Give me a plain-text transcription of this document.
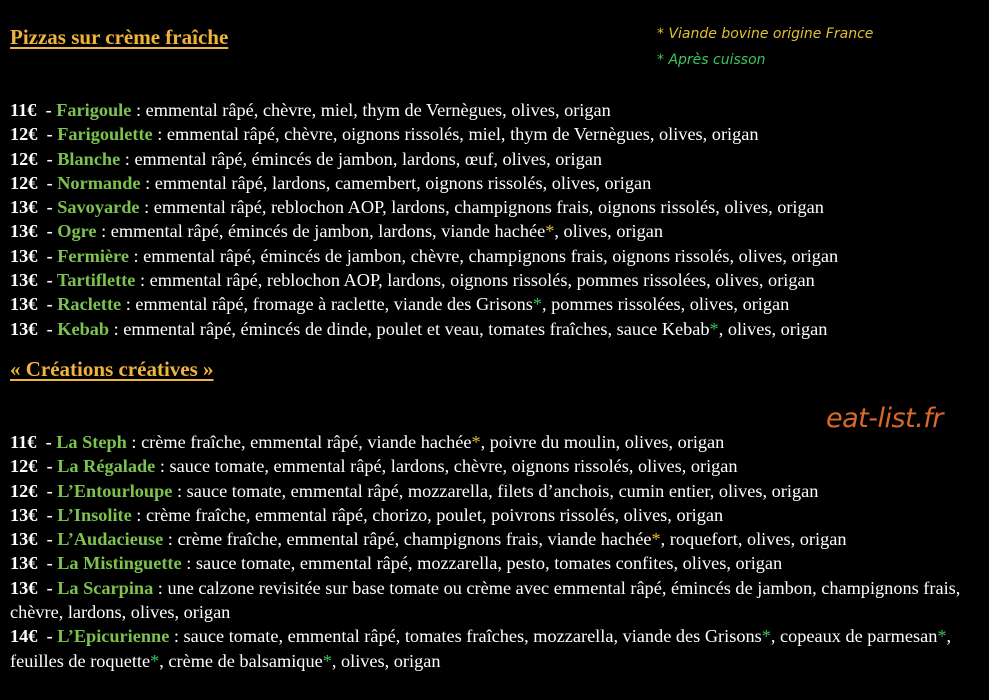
Pizzas sur crème fraîche	* Viande bovine origine France
* Après cuisson
11€  - Farigoule : emmental râpé, chèvre, miel, thym de Vernègues, olives, origan
12€  - Farigoulette : emmental râpé, chèvre, oignons rissolés, miel, thym de Vernègues, olives, origan
12€  - Blanche : emmental râpé, émincés de jambon, lardons, œuf, olives, origan
12€  - Normande : emmental râpé, lardons, camembert, oignons rissolés, olives, origan
13€  - Savoyarde : emmental râpé, reblochon AOP, lardons, champignons frais, oignons rissolés, olives, origan
13€  - Ogre : emmental râpé, émincés de jambon, lardons, viande hachée*, olives, origan
13€  - Fermière : emmental râpé, émincés de jambon, chèvre, champignons frais, oignons rissolés, olives, origan
13€  - Tartiflette : emmental râpé, reblochon AOP, lardons, oignons rissolés, pommes rissolées, olives, origan
13€  - Raclette : emmental râpé, fromage à raclette, viande des Grisons*, pommes rissolées, olives, origan
13€  - Kebab : emmental râpé, émincés de dinde, poulet et veau, tomates fraîches, sauce Kebab*, olives, origan
« Créations créatives »
eat-list.fr
11€  - La Steph : crème fraîche, emmental râpé, viande hachée*, poivre du moulin, olives, origan
12€  - La Régalade : sauce tomate, emmental râpé, lardons, chèvre, oignons rissolés, olives, origan
12€  - L’Entourloupe : sauce tomate, emmental râpé, mozzarella, filets d’anchois, cumin entier, olives, origan
13€  - L’Insolite : crème fraîche, emmental râpé, chorizo, poulet, poivrons rissolés, olives, origan
13€  - L’Audacieuse : crème fraîche, emmental râpé, champignons frais, viande hachée*, roquefort, olives, origan
13€  - La Mistinguette : sauce tomate, emmental râpé, mozzarella, pesto, tomates confites, olives, origan
13€  - La Scarpina : une calzone revisitée sur base tomate ou crème avec emmental râpé, émincés de jambon, champignons frais, chèvre, lardons, olives, origan
14€  - L’Epicurienne : sauce tomate, emmental râpé, tomates fraîches, mozzarella, viande des Grisons*, copeaux de parmesan*, feuilles de roquette*, crème de balsamique*, olives, origan
